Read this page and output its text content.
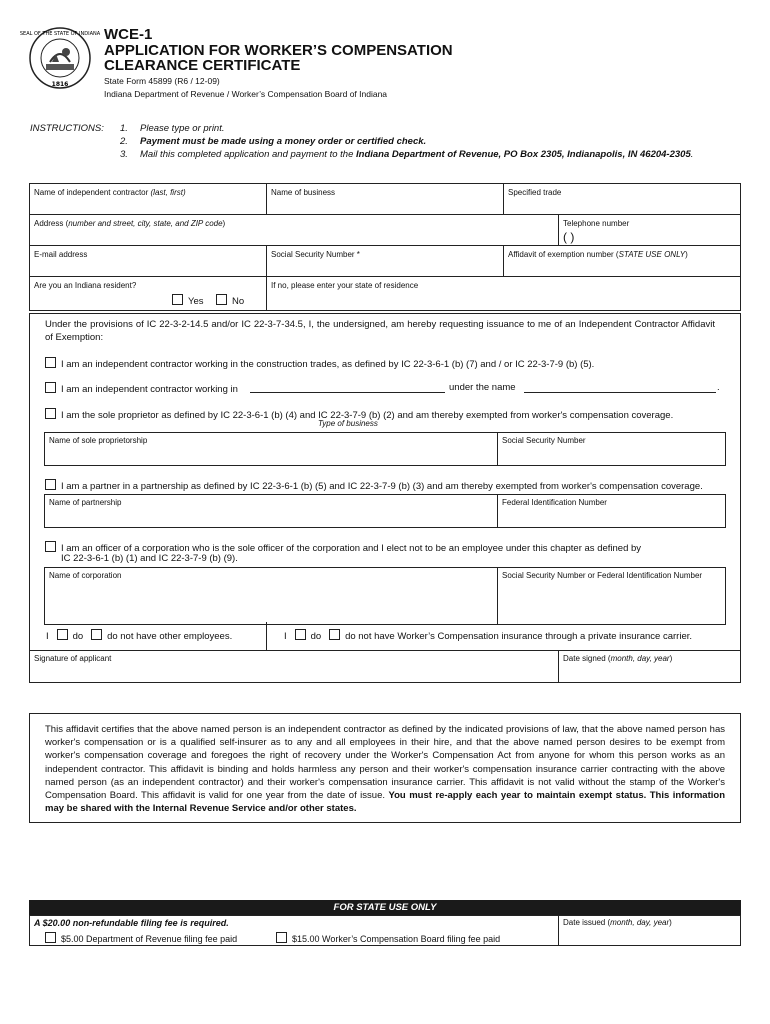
SEAL OF THE STATE OF INDIANA
1816
WCE-1
APPLICATION FOR WORKER’S COMPENSATION
CLEARANCE CERTIFICATE
State Form 45899 (R6 / 12-09)
Indiana Department of Revenue / Worker’s Compensation Board of Indiana
INSTRUCTIONS: 1. Please type or print.
2. Payment must be made using a money order or certified check.
3. Mail this completed application and payment to the Indiana Department of Revenue, PO Box 2305, Indianapolis, IN 46204-2305.
Name of independent contractor (last, first)	Name of business	Specified trade
Address (number and street, city, state, and ZIP code)	Telephone number
( )
E-mail address	Social Security Number *	Affidavit of exemption number (STATE USE ONLY)
Are you an Indiana resident?
Yes	No
If no, please enter your state of residence
Under the provisions of IC 22-3-2-14.5 and/or IC 22-3-7-34.5, I, the undersigned, am hereby requesting issuance to me of an Independent Contractor Affidavit of Exemption:
I am an independent contractor working in the construction trades, as defined by IC 22-3-6-1 (b) (7) and / or IC 22-3-7-9 (b) (5).
I am an independent contractor working in	under the name	.
I am the sole proprietor as defined by IC 22-3-6-1 (b) (4) and IC 22-3-7-9 (b) (2) and am thereby exempted from worker's compensation coverage.
Type of business
Name of sole proprietorship	Social Security Number
I am a partner in a partnership as defined by IC 22-3-6-1 (b) (5) and IC 22-3-7-9 (b) (3) and am thereby exempted from worker's compensation coverage.
Name of partnership	Federal Identification Number
I am an officer of a corporation who is the sole officer of the corporation and I elect not to be an employee under this chapter as defined by
IC 22-3-6-1 (b) (1) and IC 22-3-7-9 (b) (9).
Name of corporation	Social Security Number or Federal Identification Number
I	do	do not have other employees.	I	do	do not have Worker’s Compensation insurance through a private insurance carrier.
Signature of applicant	Date signed (month, day, year)
This affidavit certifies that the above named person is an independent contractor as defined by the indicated provisions of law, that the above named person has worker's compensation or is a qualified self-insurer as to any and all employees in their hire, and that the above named person desires to be exempt from worker's compensation coverage and foregoes the right of recovery under the Worker's Compensation Act from anyone for whom this person works as an independent contractor. This affidavit is binding and holds harmless any person and their worker's compensation insurance carrier contracting with the above named person (as an independent contractor) and their worker's compensation insurance carrier. This affidavit is not valid without the stamp of the Worker's Compensation Board. This affidavit is valid for one year from the date of issue. You must re-apply each year to maintain exempt status. This information may be shared with the Internal Revenue Service and/or other states.
FOR STATE USE ONLY
A $20.00 non-refundable filing fee is required.
$5.00 Department of Revenue filing fee paid	$15.00 Worker’s Compensation Board filing fee paid
Date issued (month, day, year)
